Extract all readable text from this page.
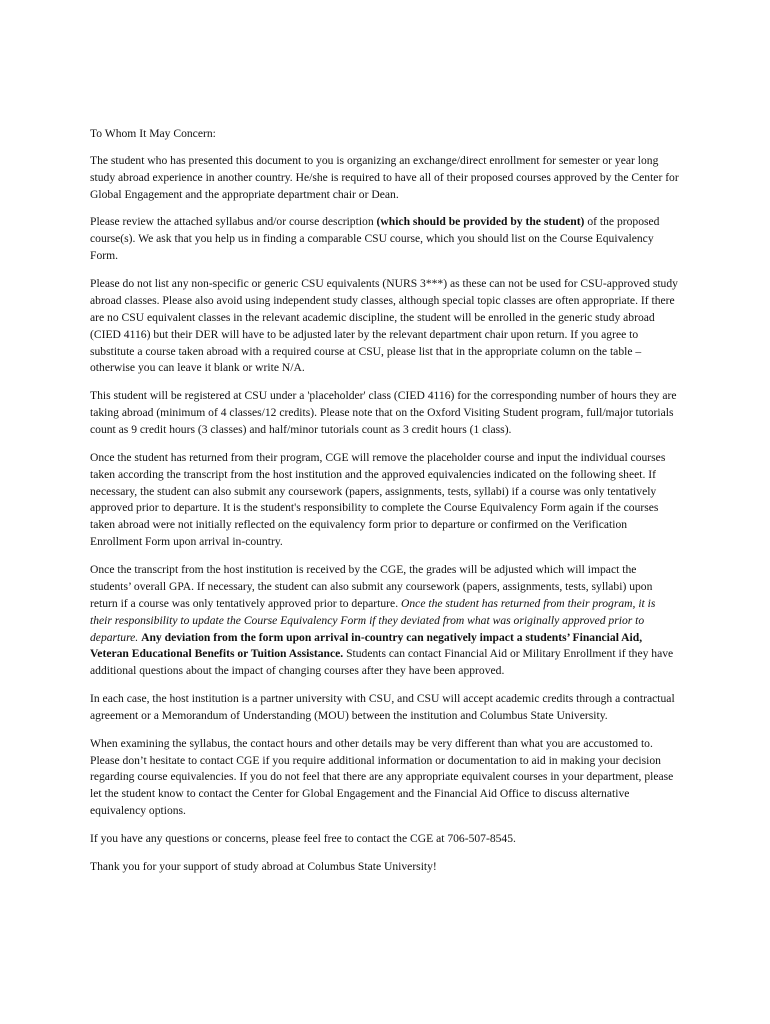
To Whom It May Concern:

The student who has presented this document to you is organizing an exchange/direct enrollment for semester or year long study abroad experience in another country. He/she is required to have all of their proposed courses approved by the Center for Global Engagement and the appropriate department chair or Dean.

Please review the attached syllabus and/or course description (which should be provided by the student) of the proposed course(s). We ask that you help us in finding a comparable CSU course, which you should list on the Course Equivalency Form.

Please do not list any non-specific or generic CSU equivalents (NURS 3***) as these can not be used for CSU-approved study abroad classes. Please also avoid using independent study classes, although special topic classes are often appropriate. If there are no CSU equivalent classes in the relevant academic discipline, the student will be enrolled in the generic study abroad (CIED 4116) but their DER will have to be adjusted later by the relevant department chair upon return. If you agree to substitute a course taken abroad with a required course at CSU, please list that in the appropriate column on the table – otherwise you can leave it blank or write N/A.

This student will be registered at CSU under a 'placeholder' class (CIED 4116) for the corresponding number of hours they are taking abroad (minimum of 4 classes/12 credits). Please note that on the Oxford Visiting Student program, full/major tutorials count as 9 credit hours (3 classes) and half/minor tutorials count as 3 credit hours (1 class).

Once the student has returned from their program, CGE will remove the placeholder course and input the individual courses taken according the transcript from the host institution and the approved equivalencies indicated on the following sheet. If necessary, the student can also submit any coursework (papers, assignments, tests, syllabi) if a course was only tentatively approved prior to departure. It is the student's responsibility to complete the Course Equivalency Form again if the courses taken abroad were not initially reflected on the equivalency form prior to departure or confirmed on the Verification Enrollment Form upon arrival in-country.

Once the transcript from the host institution is received by the CGE, the grades will be adjusted which will impact the students’ overall GPA. If necessary, the student can also submit any coursework (papers, assignments, tests, syllabi) upon return if a course was only tentatively approved prior to departure. Once the student has returned from their program, it is their responsibility to update the Course Equivalency Form if they deviated from what was originally approved prior to departure. Any deviation from the form upon arrival in-country can negatively impact a students’ Financial Aid, Veteran Educational Benefits or Tuition Assistance. Students can contact Financial Aid or Military Enrollment if they have additional questions about the impact of changing courses after they have been approved.

In each case, the host institution is a partner university with CSU, and CSU will accept academic credits through a contractual agreement or a Memorandum of Understanding (MOU) between the institution and Columbus State University.

When examining the syllabus, the contact hours and other details may be very different than what you are accustomed to. Please don’t hesitate to contact CGE if you require additional information or documentation to aid in making your decision regarding course equivalencies. If you do not feel that there are any appropriate equivalent courses in your department, please let the student know to contact the Center for Global Engagement and the Financial Aid Office to discuss alternative equivalency options.

If you have any questions or concerns, please feel free to contact the CGE at 706-507-8545.

Thank you for your support of study abroad at Columbus State University!
